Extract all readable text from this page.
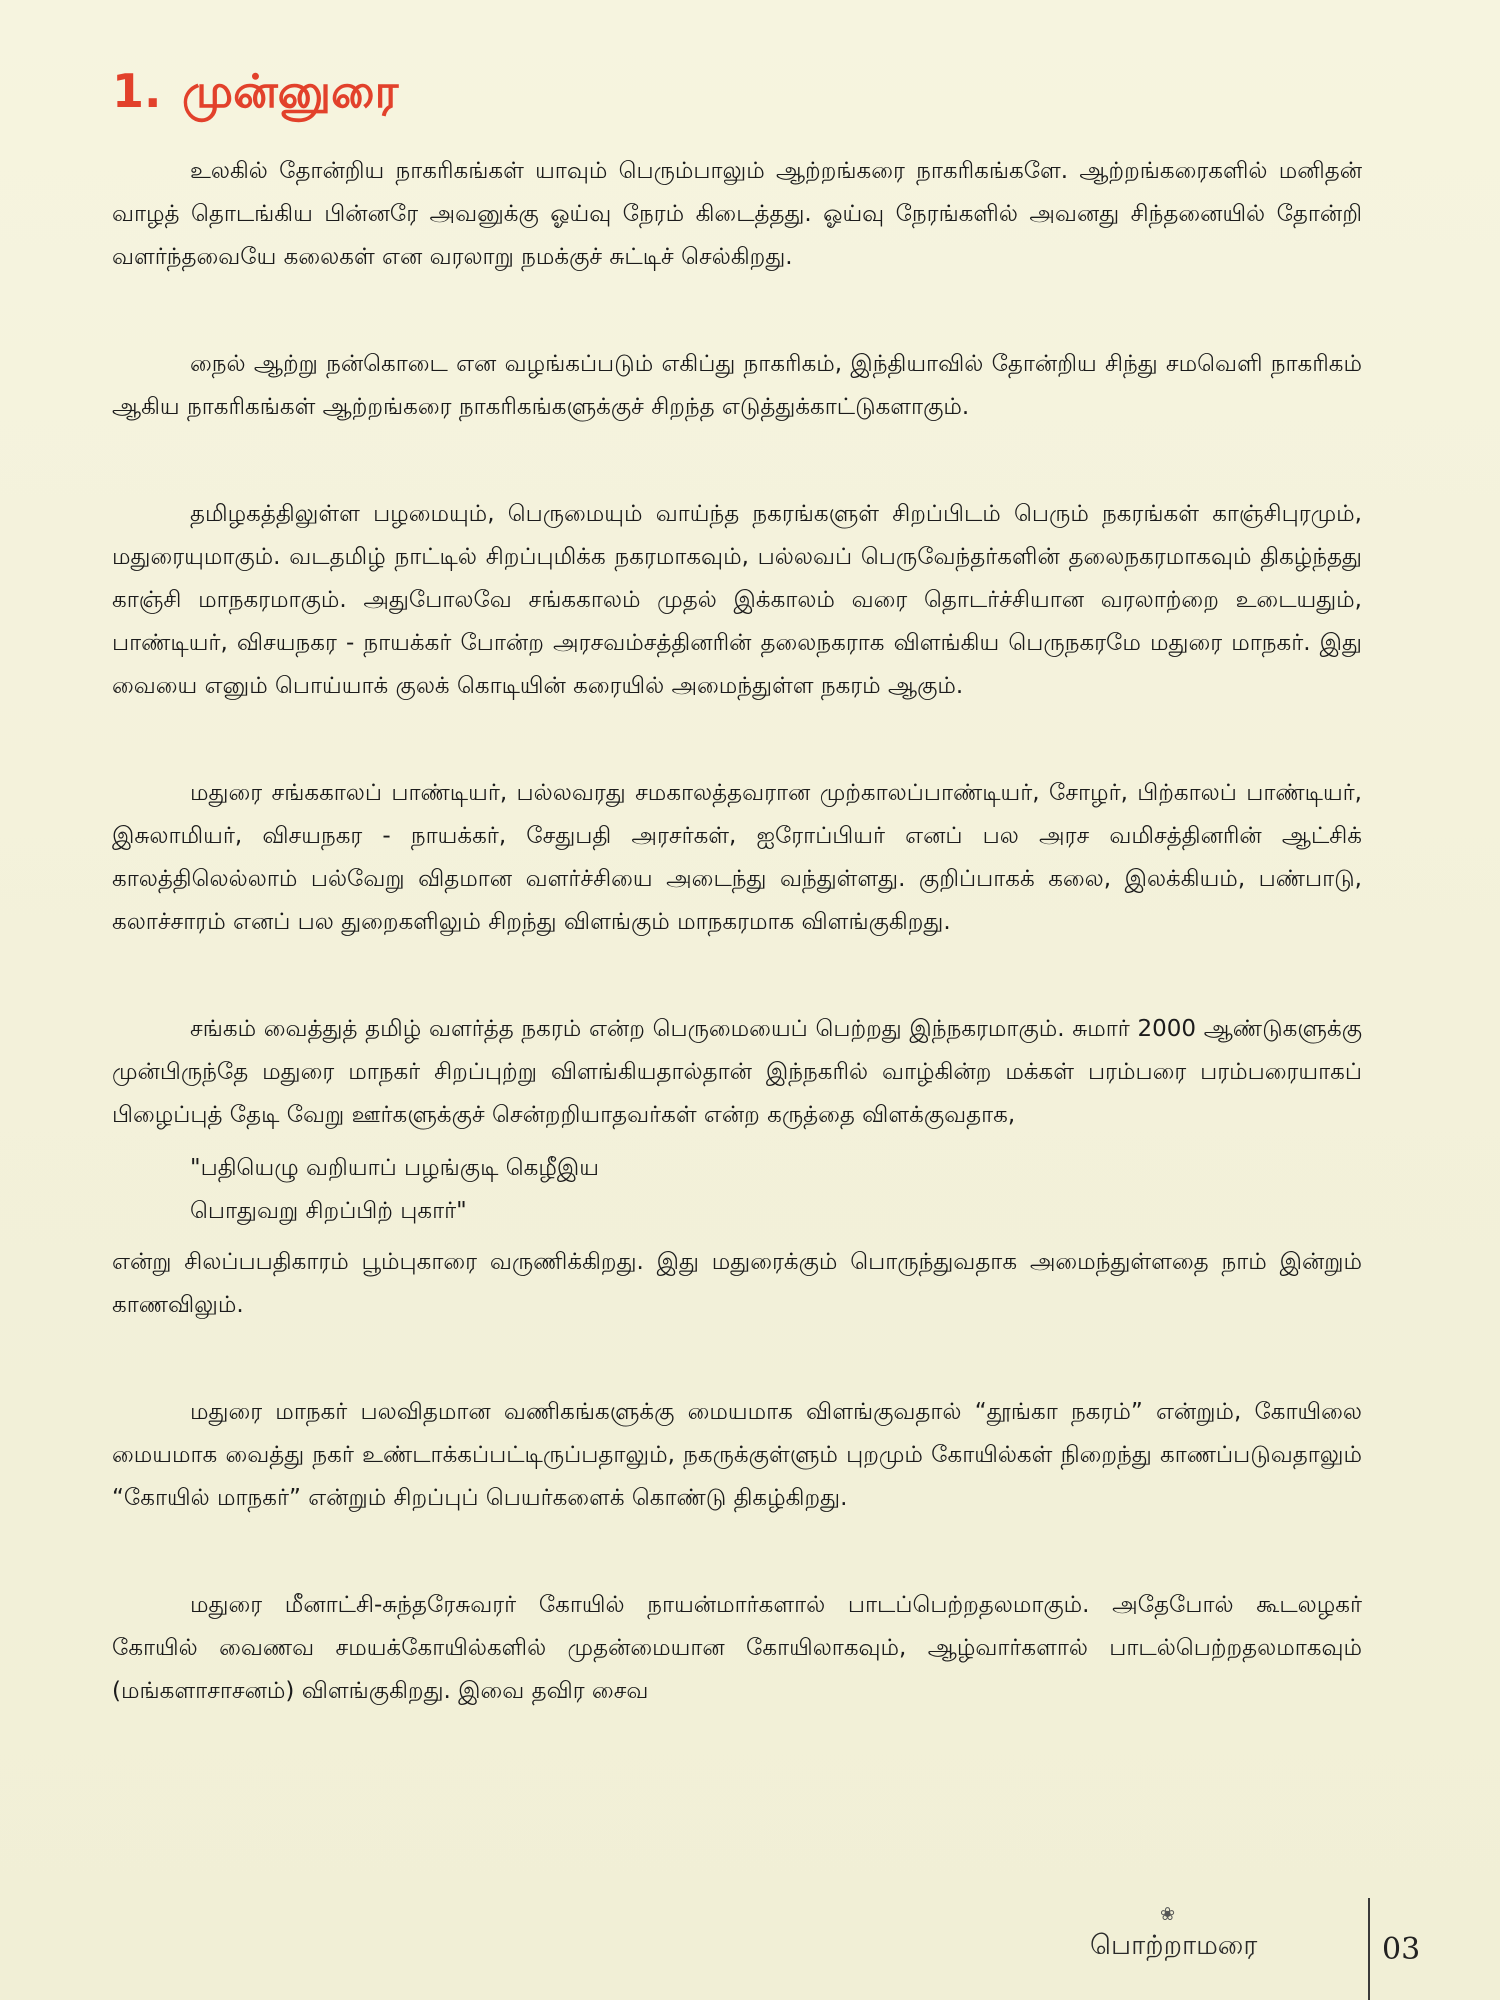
1. முன்னுரை

உலகில் தோன்றிய நாகரிகங்கள் யாவும் பெரும்பாலும் ஆற்றங்கரை நாகரிகங்களே. ஆற்றங்கரைகளில் மனிதன் வாழத் தொடங்கிய பின்னரே அவனுக்கு ஓய்வு நேரம் கிடைத்தது. ஓய்வு நேரங்களில் அவனது சிந்தனையில் தோன்றி வளர்ந்தவையே கலைகள் என வரலாறு நமக்குச் சுட்டிச் செல்கிறது.

நைல் ஆற்று நன்கொடை என வழங்கப்படும் எகிப்து நாகரிகம், இந்தியாவில் தோன்றிய சிந்து சமவெளி நாகரிகம் ஆகிய நாகரிகங்கள் ஆற்றங்கரை நாகரிகங்களுக்குச் சிறந்த எடுத்துக்காட்டுகளாகும்.

தமிழகத்திலுள்ள பழமையும், பெருமையும் வாய்ந்த நகரங்களுள் சிறப்பிடம் பெரும் நகரங்கள் காஞ்சிபுரமும், மதுரையுமாகும். வடதமிழ் நாட்டில் சிறப்புமிக்க நகரமாகவும், பல்லவப் பெருவேந்தர்களின் தலைநகரமாகவும் திகழ்ந்தது காஞ்சி மாநகரமாகும். அதுபோலவே சங்ககாலம் முதல் இக்காலம் வரை தொடர்ச்சியான வரலாற்றை உடையதும், பாண்டியர், விசயநகர - நாயக்கர் போன்ற அரசவம்சத்தினரின் தலைநகராக விளங்கிய பெருநகரமே மதுரை மாநகர். இது வையை எனும் பொய்யாக் குலக் கொடியின் கரையில் அமைந்துள்ள நகரம் ஆகும்.

மதுரை சங்ககாலப் பாண்டியர், பல்லவரது சமகாலத்தவரான முற்காலப்பாண்டியர், சோழர், பிற்காலப் பாண்டியர், இசுலாமியர், விசயநகர - நாயக்கர், சேதுபதி அரசர்கள், ஐரோப்பியர் எனப் பல அரச வமிசத்தினரின் ஆட்சிக் காலத்திலெல்லாம் பல்வேறு விதமான வளர்ச்சியை அடைந்து வந்துள்ளது. குறிப்பாகக் கலை, இலக்கியம், பண்பாடு, கலாச்சாரம் எனப் பல துறைகளிலும் சிறந்து விளங்கும் மாநகரமாக விளங்குகிறது.

சங்கம் வைத்துத் தமிழ் வளர்த்த நகரம் என்ற பெருமையைப் பெற்றது இந்நகரமாகும். சுமார் 2000 ஆண்டுகளுக்கு முன்பிருந்தே மதுரை மாநகர் சிறப்புற்று விளங்கியதால்தான் இந்நகரில் வாழ்கின்ற மக்கள் பரம்பரை பரம்பரையாகப் பிழைப்புத் தேடி வேறு ஊர்களுக்குச் சென்றறியாதவர்கள் என்ற கருத்தை விளக்குவதாக,

"பதியெழு வறியாப் பழங்குடி கெழீஇய

பொதுவறு சிறப்பிற் புகார்"

என்று சிலப்பபதிகாரம் பூம்புகாரை வருணிக்கிறது. இது மதுரைக்கும் பொருந்துவதாக அமைந்துள்ளதை நாம் இன்றும் காணவிலும்.

மதுரை மாநகர் பலவிதமான வணிகங்களுக்கு மையமாக விளங்குவதால் “தூங்கா நகரம்” என்றும், கோயிலை மையமாக வைத்து நகர் உண்டாக்கப்பட்டிருப்பதாலும், நகருக்குள்ளும் புறமும் கோயில்கள் நிறைந்து காணப்படுவதாலும் “கோயில் மாநகர்” என்றும் சிறப்புப் பெயர்களைக் கொண்டு திகழ்கிறது.

மதுரை மீனாட்சி-சுந்தரேசுவரர் கோயில் நாயன்மார்களால் பாடப்பெற்றதலமாகும். அதேபோல் கூடலழகர் கோயில் வைணவ சமயக்கோயில்களில் முதன்மையான கோயிலாகவும், ஆழ்வார்களால் பாடல்பெற்றதலமாகவும் (மங்களாசாசனம்) விளங்குகிறது. இவை தவிர சைவ

❀
பொற்றாமரை	03
